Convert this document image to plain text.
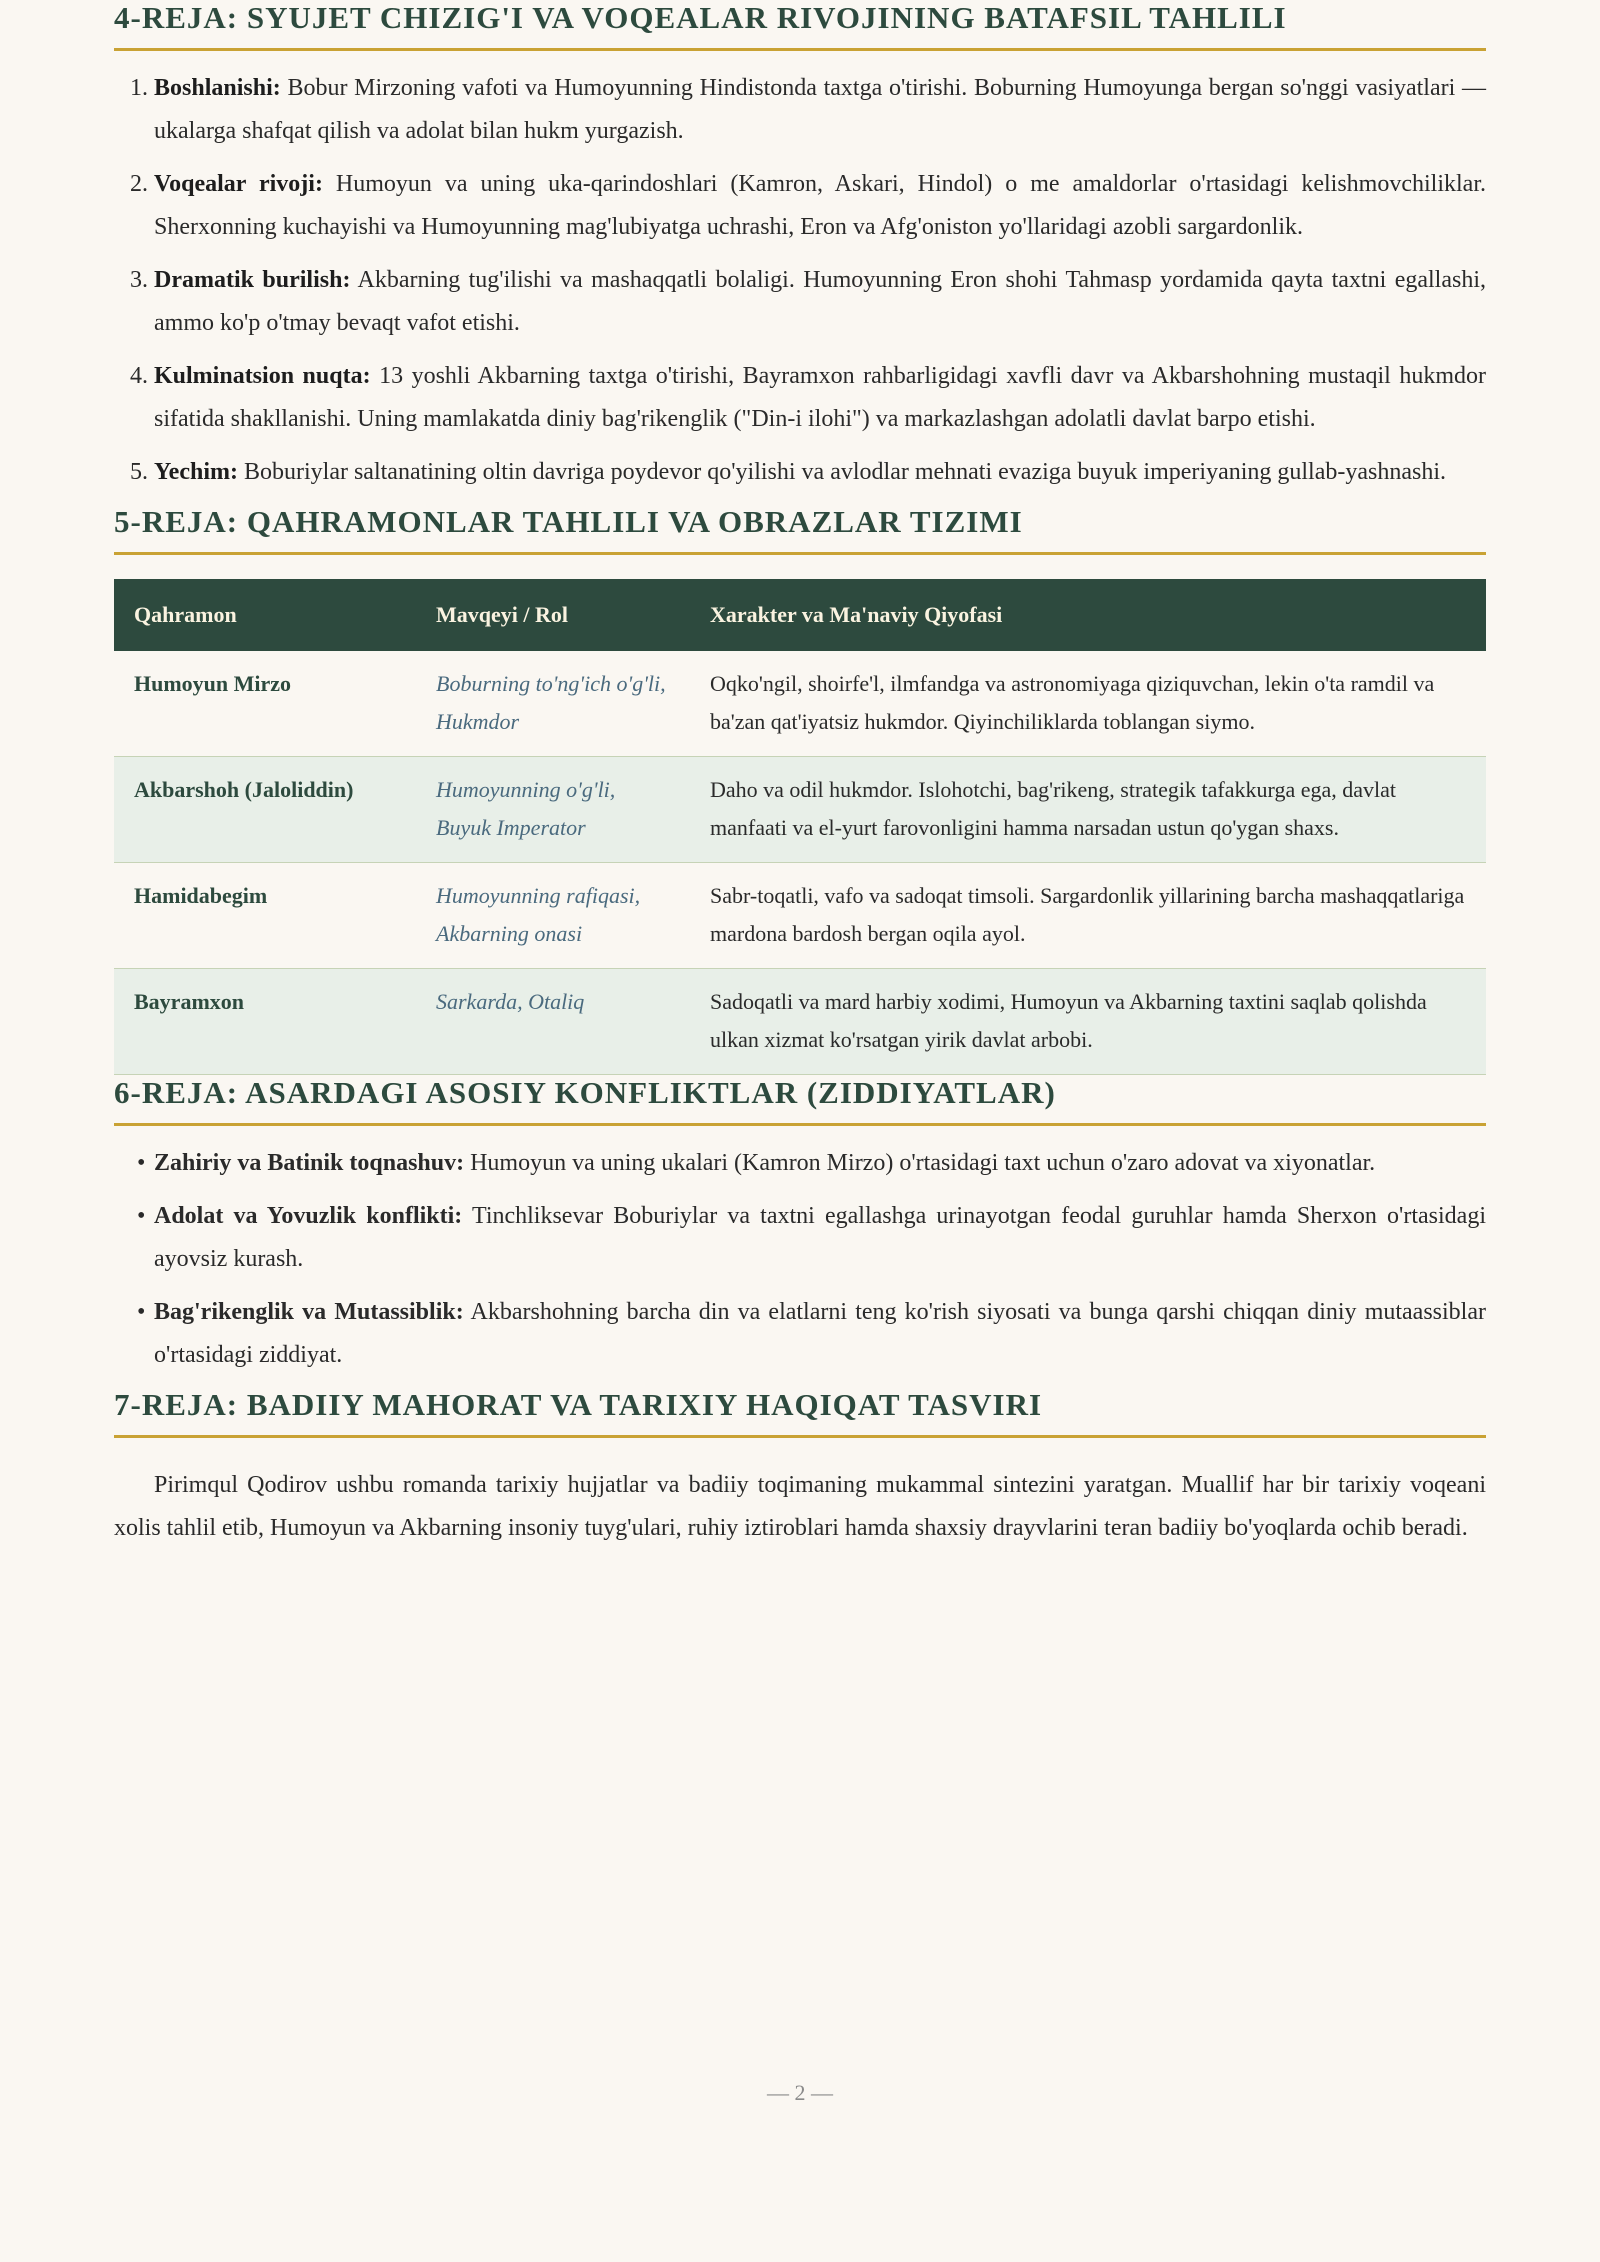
4-REJA: SYUJET CHIZIG'I VA VOQEALAR RIVOJINING BATAFSIL TAHLILI
1. Boshlanishi: Bobur Mirzoning vafoti va Humoyunning Hindistonda taxtga o'tirishi. Boburning Humoyunga bergan so'nggi vasiyatlari — ukalarga shafqat qilish va adolat bilan hukm yurgazish.
2. Voqealar rivoji: Humoyun va uning uka-qarindoshlari (Kamron, Askari, Hindol) o me amaldorlar o'rtasidagi kelishmovchiliklar. Sherxonning kuchayishi va Humoyunning mag'lubiyatga uchrashi, Eron va Afg'oniston yo'llaridagi azobli sargardonlik.
3. Dramatik burilish: Akbarning tug'ilishi va mashaqqatli bolaligi. Humoyunning Eron shohi Tahmasp yordamida qayta taxtni egallashi, ammo ko'p o'tmay bevaqt vafot etishi.
4. Kulminatsion nuqta: 13 yoshli Akbarning taxtga o'tirishi, Bayramxon rahbarligidagi xavfli davr va Akbarshohning mustaqil hukmdor sifatida shakllanishi. Uning mamlakatda diniy bag'rikenglik ("Din-i ilohi") va markazlashgan adolatli davlat barpo etishi.
5. Yechim: Boburiylar saltanatining oltin davriga poydevor qo'yilishi va avlodlar mehnati evaziga buyuk imperiyaning gullab-yashnashi.
5-REJA: QAHRAMONLAR TAHLILI VA OBRAZLAR TIZIMI
Qahramon	Mavqeyi / Rol	Xarakter va Ma'naviy Qiyofasi
Humoyun Mirzo	Boburning to'ng'ich o'g'li, Hukmdor	Oqko'ngil, shoirfe'l, ilmfandga va astronomiyaga qiziquvchan, lekin o'ta ramdil va ba'zan qat'iyatsiz hukmdor. Qiyinchiliklarda toblangan siymo.
Akbarshoh (Jaloliddin)	Humoyunning o'g'li, Buyuk Imperator	Daho va odil hukmdor. Islohotchi, bag'rikeng, strategik tafakkurga ega, davlat manfaati va el-yurt farovonligini hamma narsadan ustun qo'ygan shaxs.
Hamidabegim	Humoyunning rafiqasi, Akbarning onasi	Sabr-toqatli, vafo va sadoqat timsoli. Sargardonlik yillarining barcha mashaqqatlariga mardona bardosh bergan oqila ayol.
Bayramxon	Sarkarda, Otaliq	Sadoqatli va mard harbiy xodimi, Humoyun va Akbarning taxtini saqlab qolishda ulkan xizmat ko'rsatgan yirik davlat arbobi.
6-REJA: ASARDAGI ASOSIY KONFLIKTLAR (ZIDDIYATLAR)
• Zahiriy va Batinik toqnashuv: Humoyun va uning ukalari (Kamron Mirzo) o'rtasidagi taxt uchun o'zaro adovat va xiyonatlar.
• Adolat va Yovuzlik konflikti: Tinchliksevar Boburiylar va taxtni egallashga urinayotgan feodal guruhlar hamda Sherxon o'rtasidagi ayovsiz kurash.
• Bag'rikenglik va Mutassiblik: Akbarshohning barcha din va elatlarni teng ko'rish siyosati va bunga qarshi chiqqan diniy mutaassiblar o'rtasidagi ziddiyat.
7-REJA: BADIIY MAHORAT VA TARIXIY HAQIQAT TASVIRI

Pirimqul Qodirov ushbu romanda tarixiy hujjatlar va badiiy toqimaning mukammal sintezini yaratgan. Muallif har bir tarixiy voqeani xolis tahlil etib, Humoyun va Akbarning insoniy tuyg'ulari, ruhiy iztiroblari hamda shaxsiy drayvlarini teran badiiy bo'yoqlarda ochib beradi.

— 2 —
